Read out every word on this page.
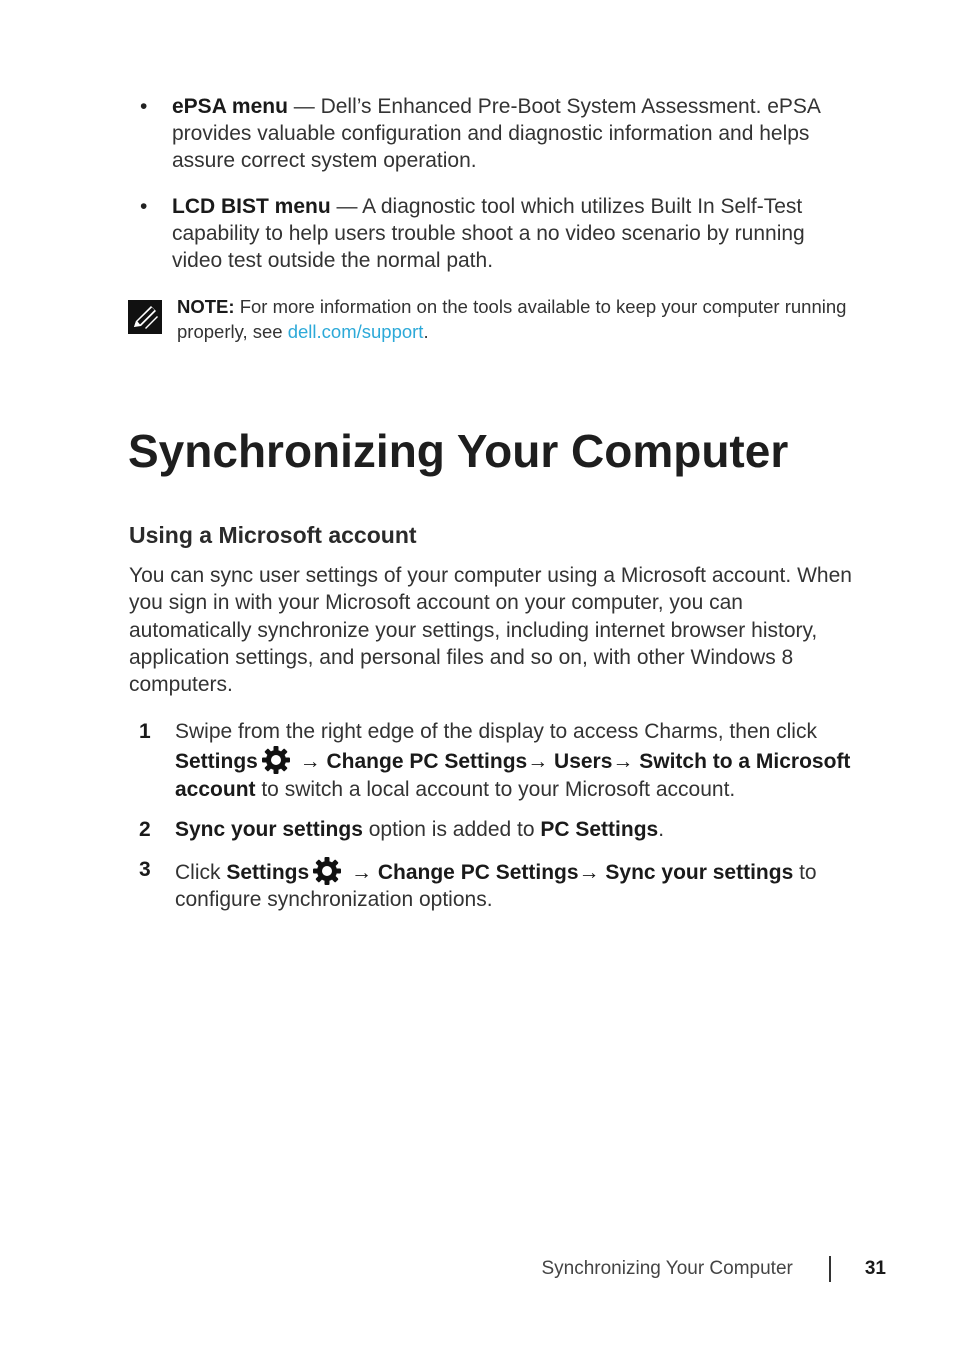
• ePSA menu — Dell’s Enhanced Pre-Boot System Assessment. ePSA provides valuable configuration and diagnostic information and helps assure correct system operation.
• LCD BIST menu — A diagnostic tool which utilizes Built In Self-Test capability to help users trouble shoot a no video scenario by running video test outside the normal path.
NOTE: For more information on the tools available to keep your computer running properly, see dell.com/support.
Synchronizing Your Computer
Using a Microsoft account

You can sync user settings of your computer using a Microsoft account. When you sign in with your Microsoft account on your computer, you can automatically synchronize your settings, including internet browser history, application settings, and personal files and so on, with other Windows 8 computers.

1 Swipe from the right edge of the display to access Charms, then click Settings → Change PC Settings→ Users→ Switch to a Microsoft account to switch a local account to your Microsoft account.
2 Sync your settings option is added to PC Settings.
3 Click Settings → Change PC Settings→ Sync your settings to configure synchronization options.
Synchronizing Your Computer	31
